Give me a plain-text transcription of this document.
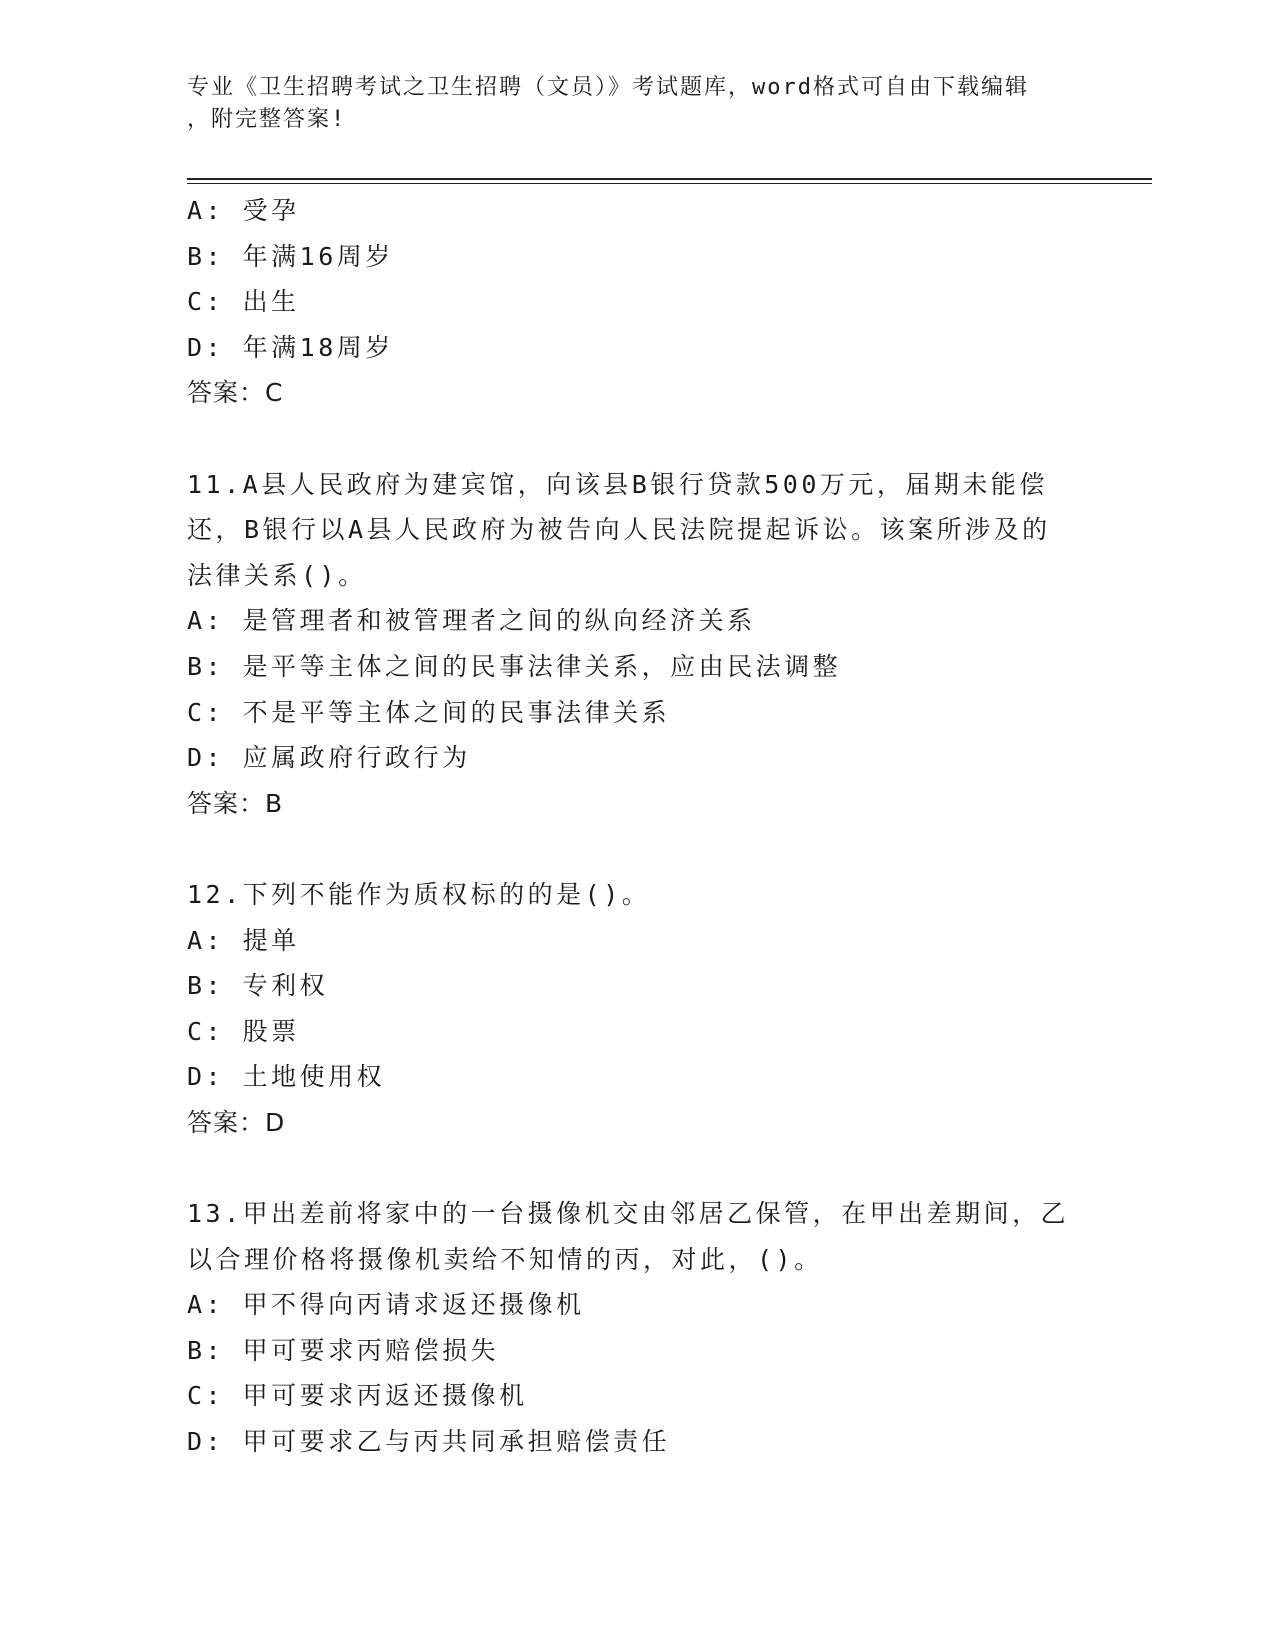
专业《卫生招聘考试之卫生招聘（文员）》考试题库，word格式可自由下载编辑
，附完整答案!
A: 受孕
B: 年满16周岁
C: 出生
D: 年满18周岁
答案：C
11.A县人民政府为建宾馆，向该县B银行贷款500万元，届期未能偿
还，B银行以A县人民政府为被告向人民法院提起诉讼。该案所涉及的
法律关系()。
A: 是管理者和被管理者之间的纵向经济关系
B: 是平等主体之间的民事法律关系，应由民法调整
C: 不是平等主体之间的民事法律关系
D: 应属政府行政行为
答案：B
12.下列不能作为质权标的的是()。
A: 提单
B: 专利权
C: 股票
D: 土地使用权
答案：D
13.甲出差前将家中的一台摄像机交由邻居乙保管，在甲出差期间，乙
以合理价格将摄像机卖给不知情的丙，对此，()。
A: 甲不得向丙请求返还摄像机
B: 甲可要求丙赔偿损失
C: 甲可要求丙返还摄像机
D: 甲可要求乙与丙共同承担赔偿责任
